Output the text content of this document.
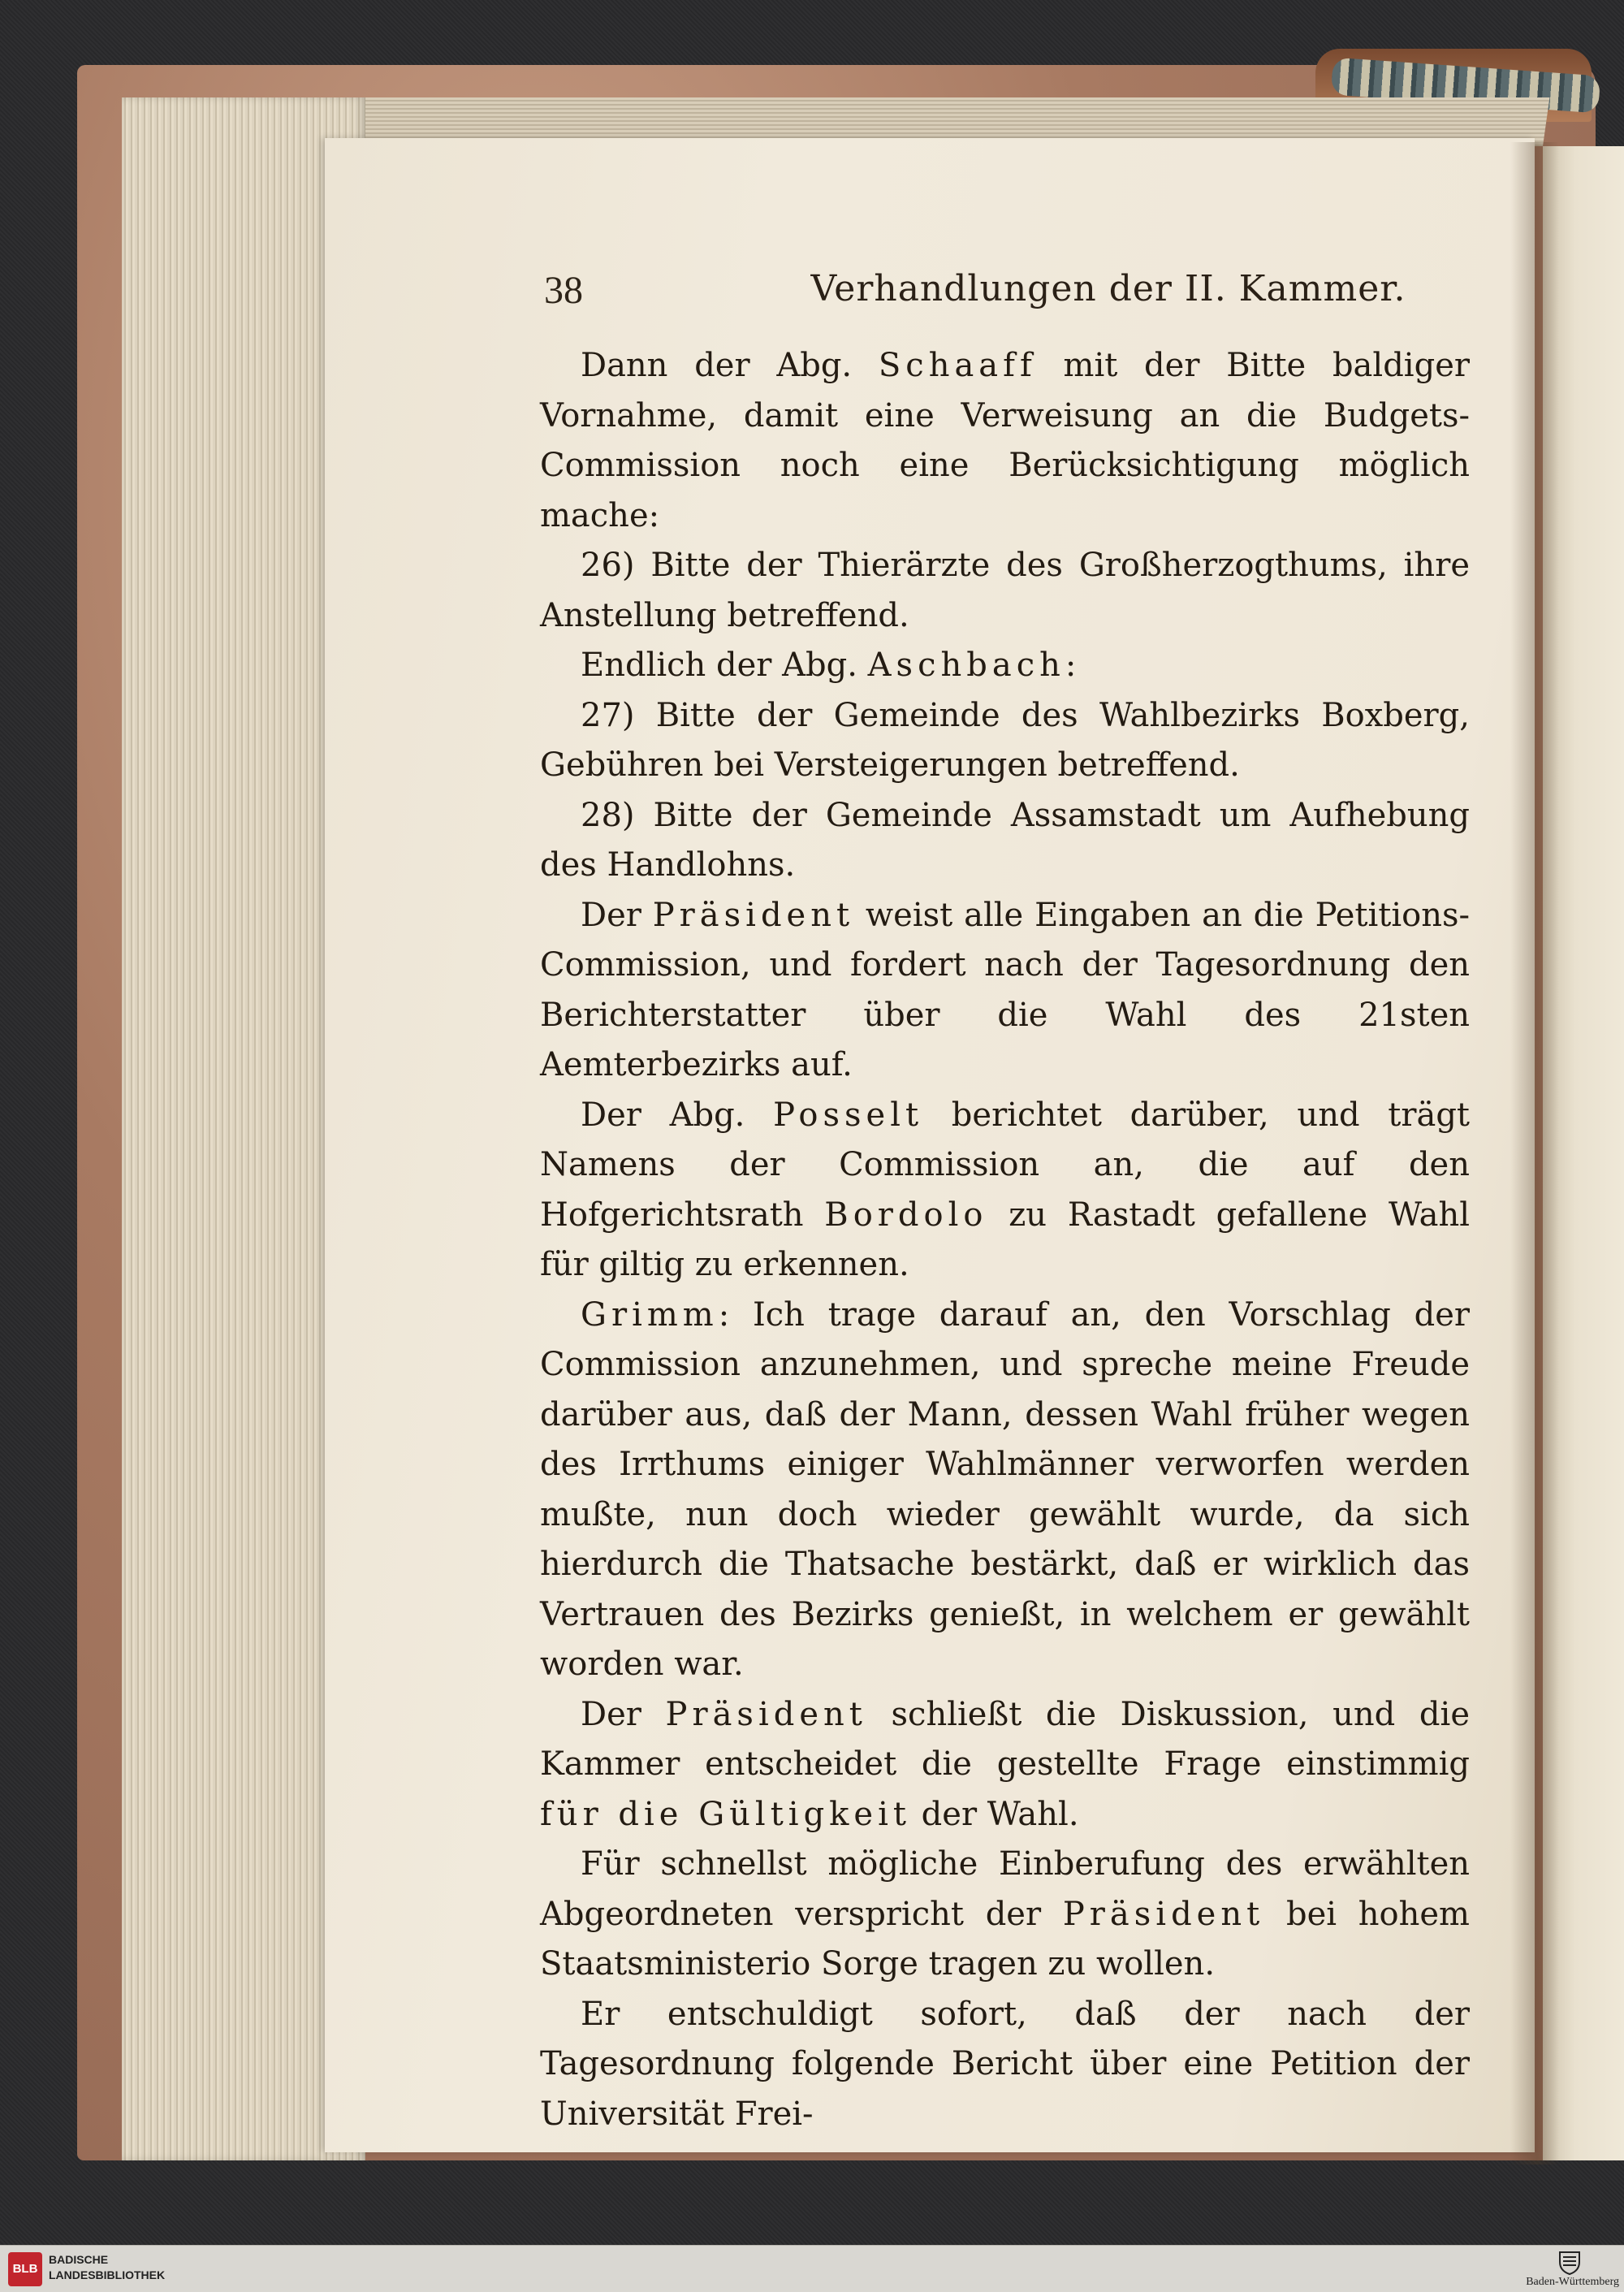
38	Verhandlungen der II. Kammer.

Dann der Abg. Schaaff mit der Bitte baldiger Vornahme, damit eine Verweisung an die Budgets-Commission noch eine Berücksichtigung möglich mache:

26) Bitte der Thierärzte des Großherzogthums, ihre Anstellung betreffend.

Endlich der Abg. Aschbach:

27) Bitte der Gemeinde des Wahlbezirks Boxberg, Gebühren bei Versteigerungen betreffend.

28) Bitte der Gemeinde Assamstadt um Aufhebung des Handlohns.

Der Präsident weist alle Eingaben an die Petitions-Commission, und fordert nach der Tagesordnung den Berichterstatter über die Wahl des 21sten Aemterbezirks auf.

Der Abg. Posselt berichtet darüber, und trägt Namens der Commission an, die auf den Hofgerichtsrath Bordolo zu Rastadt gefallene Wahl für giltig zu erkennen.

Grimm: Ich trage darauf an, den Vorschlag der Commission anzunehmen, und spreche meine Freude darüber aus, daß der Mann, dessen Wahl früher wegen des Irrthums einiger Wahlmänner verworfen werden mußte, nun doch wieder gewählt wurde, da sich hierdurch die Thatsache bestärkt, daß er wirklich das Vertrauen des Bezirks genießt, in welchem er gewählt worden war.

Der Präsident schließt die Diskussion, und die Kammer entscheidet die gestellte Frage einstimmig für die Gültigkeit der Wahl.

Für schnellst mögliche Einberufung des erwählten Abgeordneten verspricht der Präsident bei hohem Staatsministerio Sorge tragen zu wollen.

Er entschuldigt sofort, daß der nach der Tagesordnung folgende Bericht über eine Petition der Universität Frei-

BLB
BADISCHE
LANDESBIBLIOTHEK
Baden-Württemberg
